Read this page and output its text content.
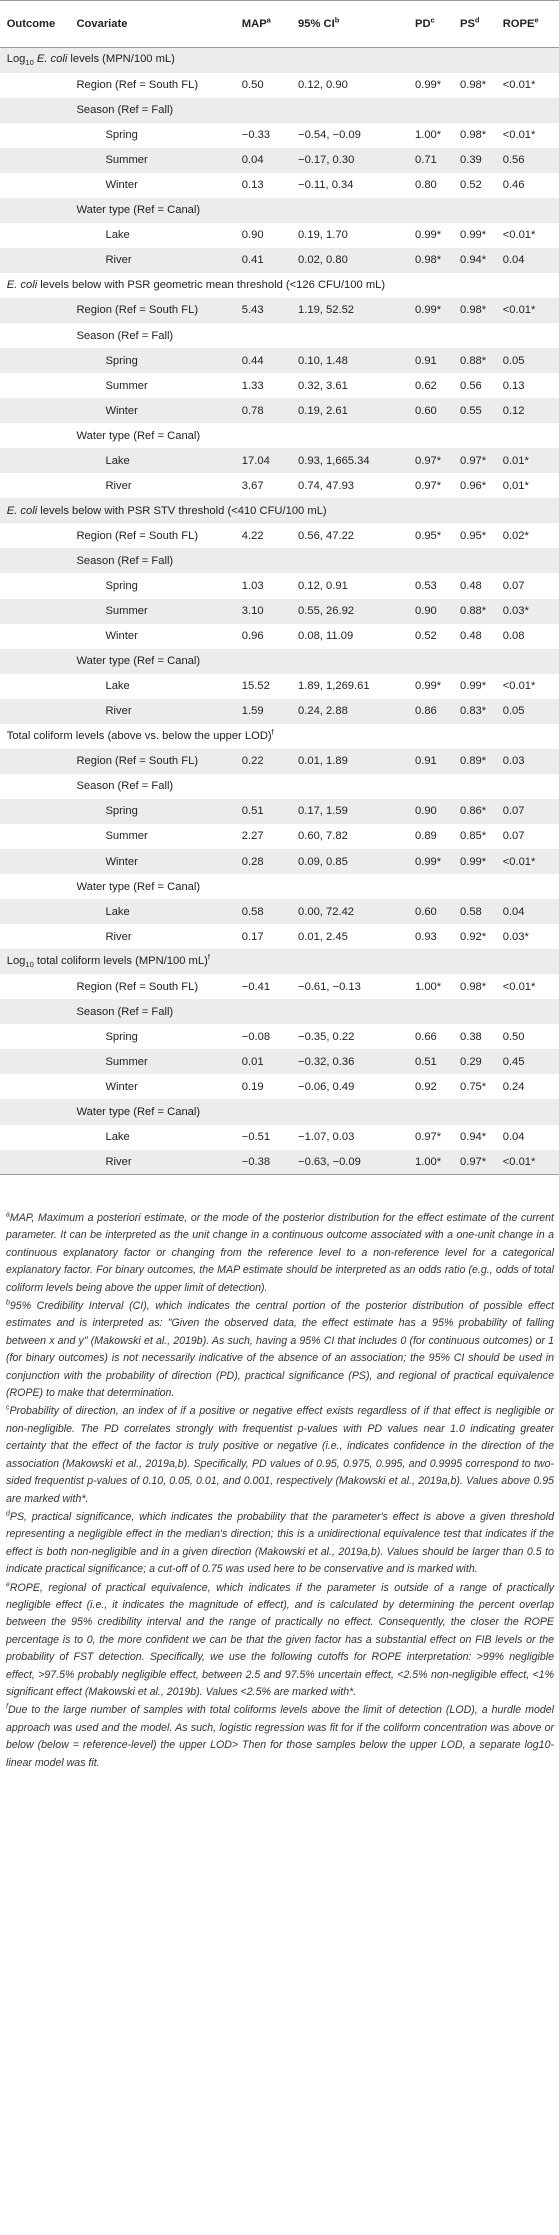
	Outcome	Covariate	MAP$^a$	95% $CI^b$	$PD^c$	$PS^d$	ROPE$^e$
	Log$_{10}$ E. coli levels (MPN/100 mL)						
		Region (Ref = South FL)	0.50	0.12, 0.90	0.99*	0.98*	<0.01*
		Season (Ref = Fall)					
		Spring	−0.33	−0.54, −0.09	1.00*	0.98*	<0.01*
		Summer	0.04	−0.17, 0.30	0.71	0.39	0.56
		Winter	0.13	−0.11, 0.34	0.80	0.52	0.46
		Water type (Ref = Canal)					
		Lake	0.90	0.19, 1.70	0.99*	0.99*	<0.01*
		River	0.41	0.02, 0.80	0.98*	0.94*	0.04
	E. coli levels below with PSR geometric mean threshold (<126 CFU/100 mL)						
		Region (Ref = South FL)	5.43	1.19, 52.52	0.99*	0.98*	<0.01*
		Season (Ref = Fall)					
		Spring	0.44	0.10, 1.48	0.91	0.88*	0.05
		Summer	1.33	0.32, 3.61	0.62	0.56	0.13
		Winter	0.78	0.19, 2.61	0.60	0.55	0.12
		Water type (Ref = Canal)					
		Lake	17.04	0.93, 1,665.34	0.97*	0.97*	0.01*
		River	3.67	0.74, 47.93	0.97*	0.96*	0.01*
	E. coli levels below with PSR STV threshold (<410 CFU/100 mL)						
		Region (Ref = South FL)	4.22	0.56, 47.22	0.95*	0.95*	0.02*
		Season (Ref = Fall)					
		Spring	1.03	0.12, 0.91	0.53	0.48	0.07
		Summer	3.10	0.55, 26.92	0.90	0.88*	0.03*
		Winter	0.96	0.08, 11.09	0.52	0.48	0.08
		Water type (Ref = Canal)					
		Lake	15.52	1.89, 1,269.61	0.99*	0.99*	<0.01*
		River	1.59	0.24, 2.88	0.86	0.83*	0.05
	Total coliform levels (above vs. below the upper LOD)$^f$
		Region (Ref = South FL)	0.22	0.01, 1.89	0.91	0.89*	0.03
		Season (Ref = Fall)					
		Spring	0.51	0.17, 1.59	0.90	0.86*	0.07
		Summer	2.27	0.60, 7.82	0.89	0.85*	0.07
		Winter	0.28	0.09, 0.85	0.99*	0.99*	<0.01*
		Water type (Ref = Canal)					
		Lake	0.58	0.00, 72.42	0.60	0.58	0.04
		River	0.17	0.01, 2.45	0.93	0.92*	0.03*
	Log$_{10}$ total coliform levels (MPN/100 mL)$^f$
		Region (Ref = South FL)	−0.41	−0.61, −0.13	1.00*	0.98*	<0.01*
		Season (Ref = Fall)					
		Spring	−0.08	−0.35, 0.22	0.66	0.38	0.50
		Summer	0.01	−0.32, 0.36	0.51	0.29	0.45
		Winter	0.19	−0.06, 0.49	0.92	0.75*	0.24
		Water type (Ref = Canal)					
		Lake	−0.51	−1.07, 0.03	0.97*	0.94*	0.04
		River	−0.38	−0.63, −0.09	1.00*	0.97*	<0.01*

$^a$MAP, Maximum a posteriori estimate, or the mode of the posterior distribution for the effect estimate of the current parameter. It can be interpreted as the unit change in a continuous outcome associated with a one-unit change in a continuous explanatory factor or changing from the reference level to a non-reference level for a categorical explanatory factor. For binary outcomes, the MAP estimate should be interpreted as an odds ratio (e.g., odds of total coliform levels being above the upper limit of detection).

$^b$95% Credibility Interval (CI), which indicates the central portion of the posterior distribution of possible effect estimates and is interpreted as: "Given the observed data, the effect estimate has a 95% probability of falling between x and y" (Makowski et al., 2019b). As such, having a 95% CI that includes 0 (for continuous outcomes) or 1 (for binary outcomes) is not necessarily indicative of the absence of an association; the 95% CI should be used in conjunction with the probability of direction (PD), practical significance (PS), and regional of practical equivalence (ROPE) to make that determination.

$^c$Probability of direction, an index of if a positive or negative effect exists regardless of if that effect is negligible or non-negligible. The PD correlates strongly with frequentist p-values with PD values near 1.0 indicating greater certainty that the effect of the factor is truly positive or negative (i.e., indicates confidence in the direction of the association (Makowski et al., 2019a,b). Specifically, PD values of 0.95, 0.975, 0.995, and 0.9995 correspond to two-sided frequentist p-values of 0.10, 0.05, 0.01, and 0.001, respectively (Makowski et al., 2019a,b). Values above 0.95 are marked with*.

$^d$PS, practical significance, which indicates the probability that the parameter's effect is above a given threshold representing a negligible effect in the median's direction; this is a unidirectional equivalence test that indicates if the effect is both non-negligible and in a given direction (Makowski et al., 2019a,b). Values should be larger than 0.5 to indicate practical significance; a cut-off of 0.75 was used here to be conservative and is marked with.

$^e$ROPE, regional of practical equivalence, which indicates if the parameter is outside of a range of practically negligible effect (i.e., it indicates the magnitude of effect), and is calculated by determining the percent overlap between the 95% credibility interval and the range of practically no effect. Consequently, the closer the ROPE percentage is to 0, the more confident we can be that the given factor has a substantial effect on FIB levels or the probability of FST detection. Specifically, we use the following cutoffs for ROPE interpretation: >99% negligible effect, >97.5% probably negligible effect, between 2.5 and 97.5% uncertain effect, <2.5% non-negligible effect, <1% significant effect (Makowski et al., 2019b). Values <2.5% are marked with*.

$^f$Due to the large number of samples with total coliforms levels above the limit of detection (LOD), a hurdle model approach was used and the model. As such, logistic regression was fit for if the coliform concentration was above or below (below = reference-level) the upper LOD> Then for those samples below the upper LOD, a separate log10-linear model was fit.
